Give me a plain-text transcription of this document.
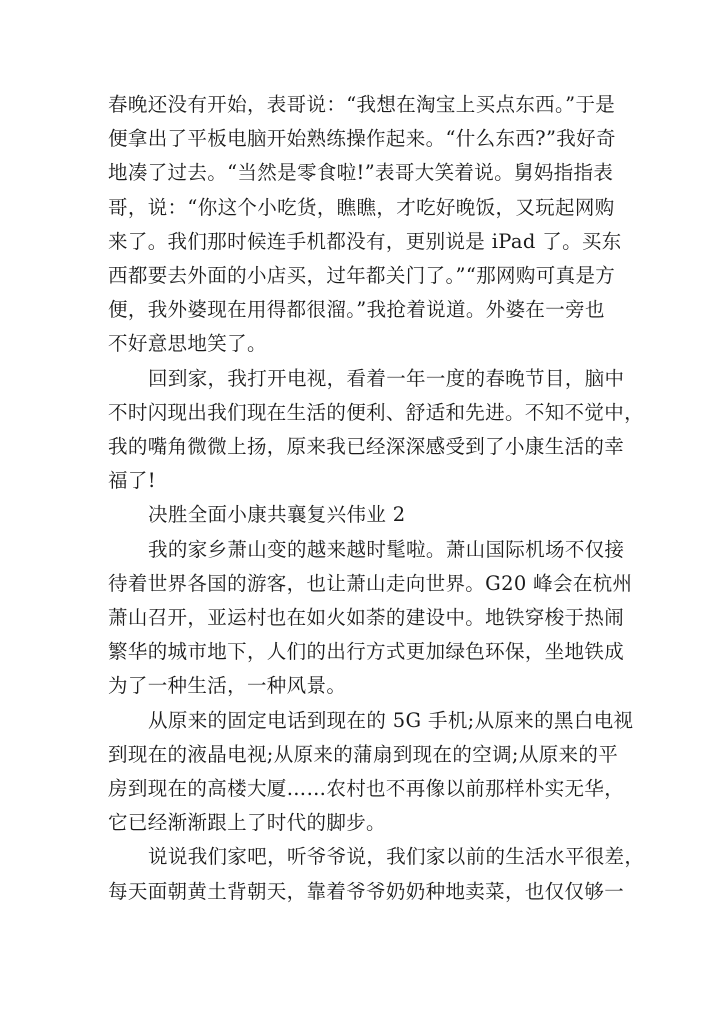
春晚还没有开始，表哥说：“我想在淘宝上买点东西。”于是
便拿出了平板电脑开始熟练操作起来。“什么东西?”我好奇
地凑了过去。“当然是零食啦!”表哥大笑着说。舅妈指指表
哥，说：“你这个小吃货，瞧瞧，才吃好晚饭，又玩起网购
来了。我们那时候连手机都没有，更别说是 iPad 了。买东
西都要去外面的小店买，过年都关门了。”“那网购可真是方
便，我外婆现在用得都很溜。”我抢着说道。外婆在一旁也
不好意思地笑了。

回到家，我打开电视，看着一年一度的春晚节目，脑中
不时闪现出我们现在生活的便利、舒适和先进。不知不觉中，
我的嘴角微微上扬，原来我已经深深感受到了小康生活的幸
福了!

决胜全面小康共襄复兴伟业 2

我的家乡萧山变的越来越时髦啦。萧山国际机场不仅接
待着世界各国的游客，也让萧山走向世界。G20 峰会在杭州
萧山召开，亚运村也在如火如荼的建设中。地铁穿梭于热闹
繁华的城市地下，人们的出行方式更加绿色环保，坐地铁成
为了一种生活，一种风景。

从原来的固定电话到现在的 5G 手机;从原来的黑白电视
到现在的液晶电视;从原来的蒲扇到现在的空调;从原来的平
房到现在的高楼大厦……农村也不再像以前那样朴实无华，
它已经渐渐跟上了时代的脚步。

说说我们家吧，听爷爷说，我们家以前的生活水平很差，
每天面朝黄土背朝天，靠着爷爷奶奶种地卖菜，也仅仅够一
